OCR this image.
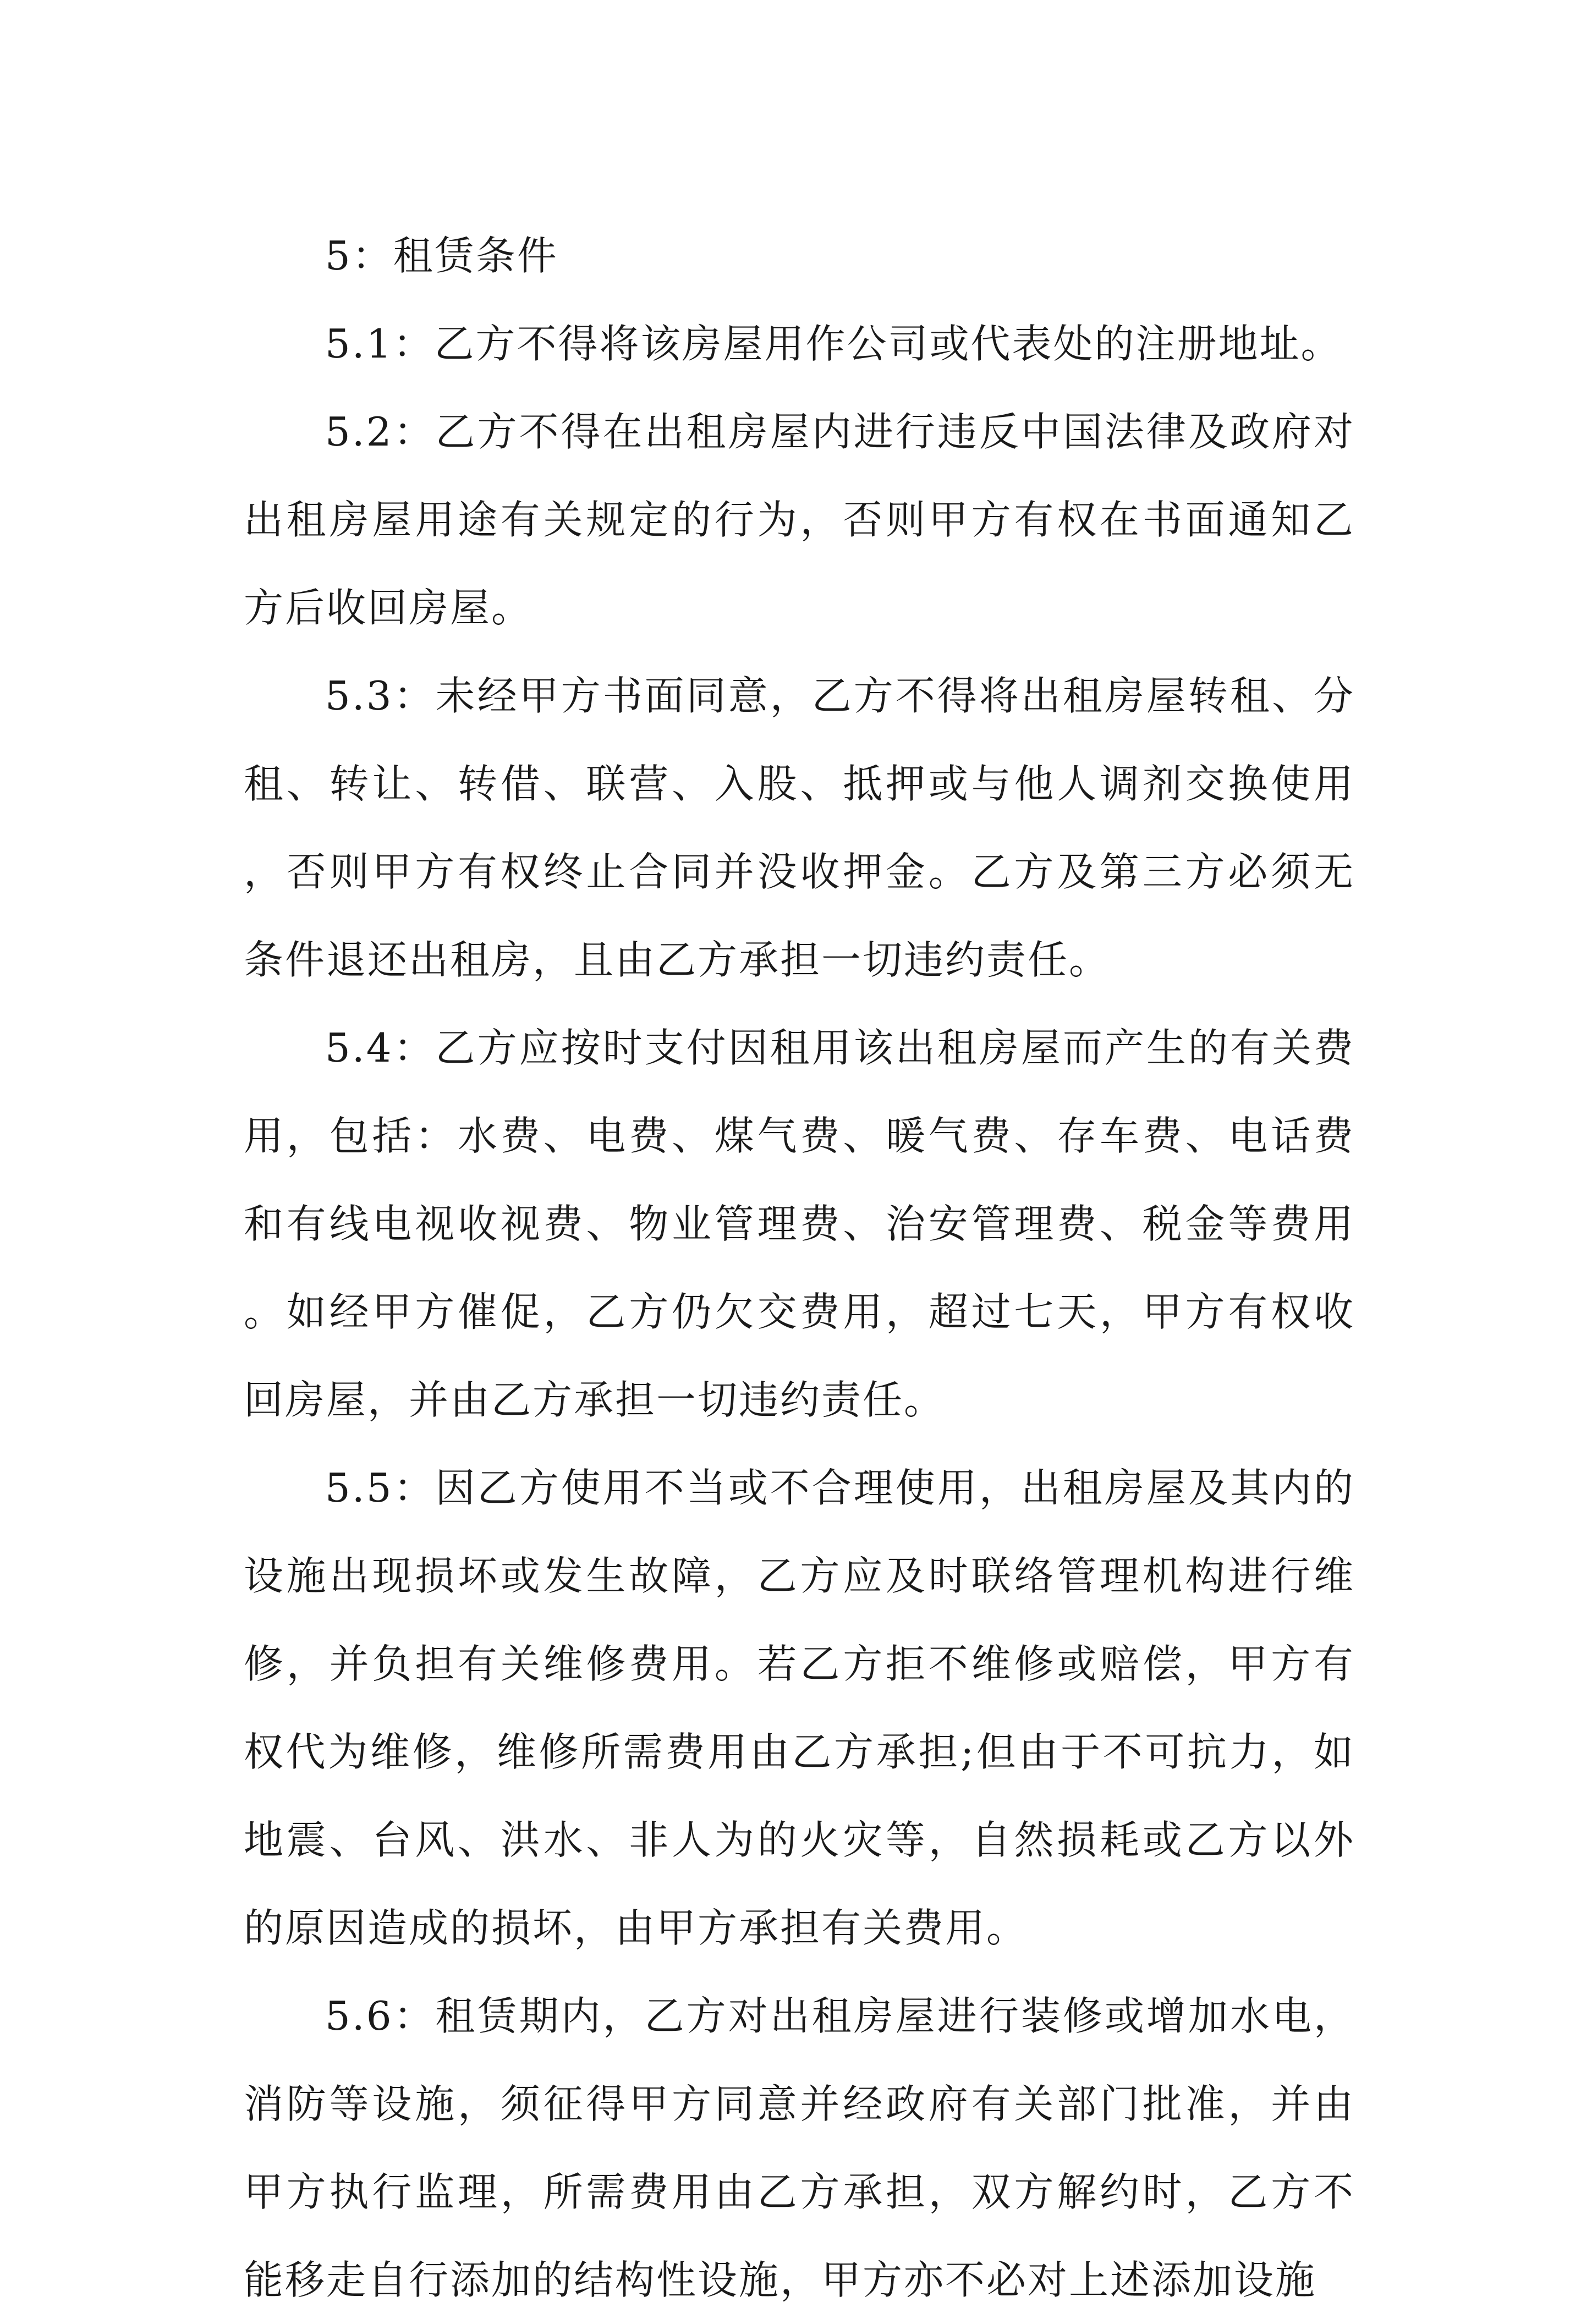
5：租赁条件

5.1：乙方不得将该房屋用作公司或代表处的注册地址。

5.2：乙方不得在出租房屋内进行违反中国法律及政府对出租房屋用途有关规定的行为，否则甲方有权在书面通知乙方后收回房屋。

5.3：未经甲方书面同意，乙方不得将出租房屋转租、分租、转让、转借、联营、入股、抵押或与他人调剂交换使用，否则甲方有权终止合同并没收押金。乙方及第三方必须无条件退还出租房，且由乙方承担一切违约责任。

5.4：乙方应按时支付因租用该出租房屋而产生的有关费用，包括：水费、电费、煤气费、暖气费、存车费、电话费和有线电视收视费、物业管理费、治安管理费、税金等费用。如经甲方催促，乙方仍欠交费用，超过七天，甲方有权收回房屋，并由乙方承担一切违约责任。

5.5：因乙方使用不当或不合理使用，出租房屋及其内的设施出现损坏或发生故障，乙方应及时联络管理机构进行维修，并负担有关维修费用。若乙方拒不维修或赔偿，甲方有权代为维修，维修所需费用由乙方承担;但由于不可抗力，如地震、台风、洪水、非人为的火灾等，自然损耗或乙方以外的原因造成的损坏，由甲方承担有关费用。

5.6：租赁期内，乙方对出租房屋进行装修或增加水电，消防等设施，须征得甲方同意并经政府有关部门批准，并由甲方执行监理，所需费用由乙方承担，双方解约时，乙方不能移走自行添加的结构性设施，甲方亦不必对上述添加设施
